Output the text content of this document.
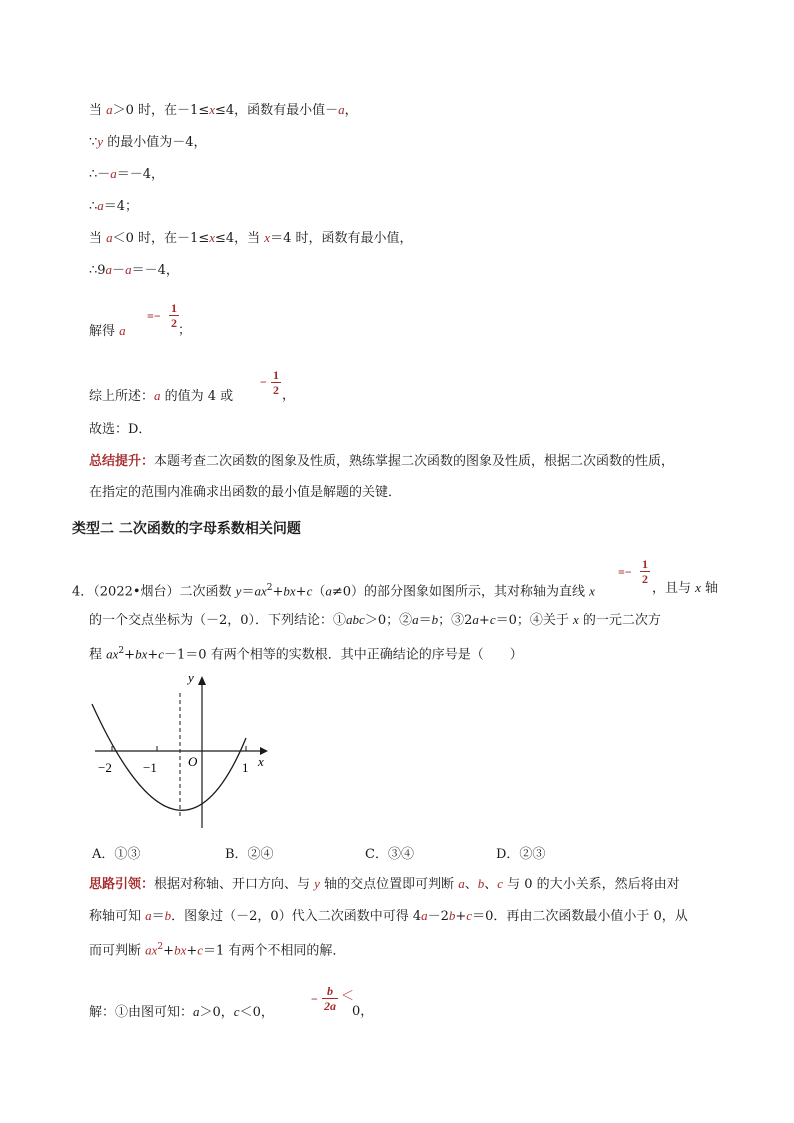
当 a＞0 时，在－1≤x≤4，函数有最小值－a，
∵y 的最小值为－4，
∴－a＝－4，
∴a＝4；
当 a＜0 时，在－1≤x≤4，当 x＝4 时，函数有最小值，
∴9a－a＝－4，
解得 a
=−
1
2 ；
综上所述：a 的值为 4 或
− 1
2 ，
故选：D．
总结提升：本题考查二次函数的图象及性质，熟练掌握二次函数的图象及性质，根据二次函数的性质，
在指定的范围内准确求出函数的最小值是解题的关键．
类型二 二次函数的字母系数相关问题
4．（2022•烟台）二次函数 $y=ax^2+bx+c(a\ne 0)$的部分图象如图所示，其对称轴为直线 x
=−
1
2
，且与 x 轴
的一个交点坐标为（－2，0）．下列结论：①abc＞0；②a＝b；③2a+c＝0；④关于 x 的一元二次方
程 $ax^2+bx+c-1=0$ 有两个相等的实数根．其中正确结论的序号是（　　）
y
x
O
−2 −1	1
A．①③	B．②④	C．③④	D．②③
思路引领：根据对称轴、开口方向、与 y 轴的交点位置即可判断 a、b、c 与 0 的大小关系，然后将由对
称轴可知 a＝b．图象过（－2，0）代入二次函数中可得 4a－2b+c＝0．再由二次函数最小值小于 0，从
而可判断 $ax^2+bx+c=1$ 有两个不相同的解．
解：①由图可知：a＞0，c＜0，
−
b
2a
＜
0，
